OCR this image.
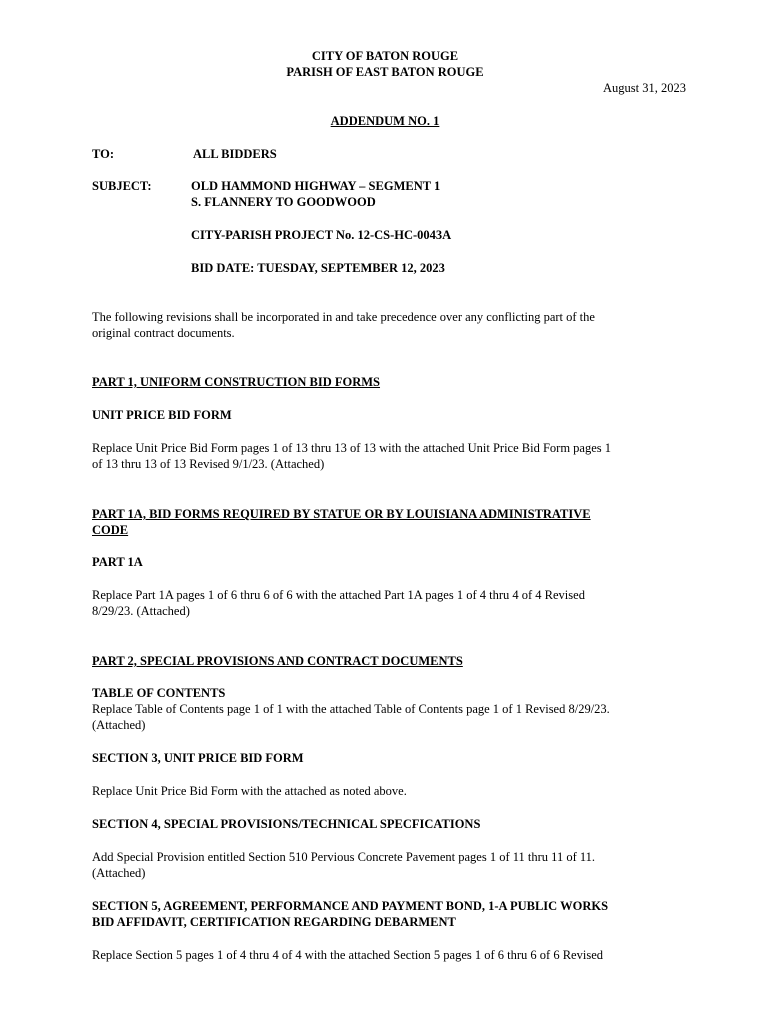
CITY OF BATON ROUGE

PARISH OF EAST BATON ROUGE

August 31, 2023

ADDENDUM NO. 1

TO:	ALL BIDDERS

SUBJECT:	OLD HAMMOND HIGHWAY – SEGMENT 1

S. FLANNERY TO GOODWOOD

CITY-PARISH PROJECT No. 12-CS-HC-0043A

BID DATE: TUESDAY, SEPTEMBER 12, 2023

The following revisions shall be incorporated in and take precedence over any conflicting part of the

original contract documents.

PART 1, UNIFORM CONSTRUCTION BID FORMS

UNIT PRICE BID FORM

Replace Unit Price Bid Form pages 1 of 13 thru 13 of 13 with the attached Unit Price Bid Form pages 1

of 13 thru 13 of 13 Revised 9/1/23. (Attached)

PART 1A, BID FORMS REQUIRED BY STATUE OR BY LOUISIANA ADMINISTRATIVE

CODE

PART 1A

Replace Part 1A pages 1 of 6 thru 6 of 6 with the attached Part 1A pages 1 of 4 thru 4 of 4 Revised

8/29/23. (Attached)

PART 2, SPECIAL PROVISIONS AND CONTRACT DOCUMENTS

TABLE OF CONTENTS

Replace Table of Contents page 1 of 1 with the attached Table of Contents page 1 of 1 Revised 8/29/23.

(Attached)

SECTION 3, UNIT PRICE BID FORM

Replace Unit Price Bid Form with the attached as noted above.

SECTION 4, SPECIAL PROVISIONS/TECHNICAL SPECFICATIONS

Add Special Provision entitled Section 510 Pervious Concrete Pavement pages 1 of 11 thru 11 of 11.

(Attached)

SECTION 5, AGREEMENT, PERFORMANCE AND PAYMENT BOND, 1-A PUBLIC WORKS

BID AFFIDAVIT, CERTIFICATION REGARDING DEBARMENT

Replace Section 5 pages 1 of 4 thru 4 of 4 with the attached Section 5 pages 1 of 6 thru 6 of 6 Revised
